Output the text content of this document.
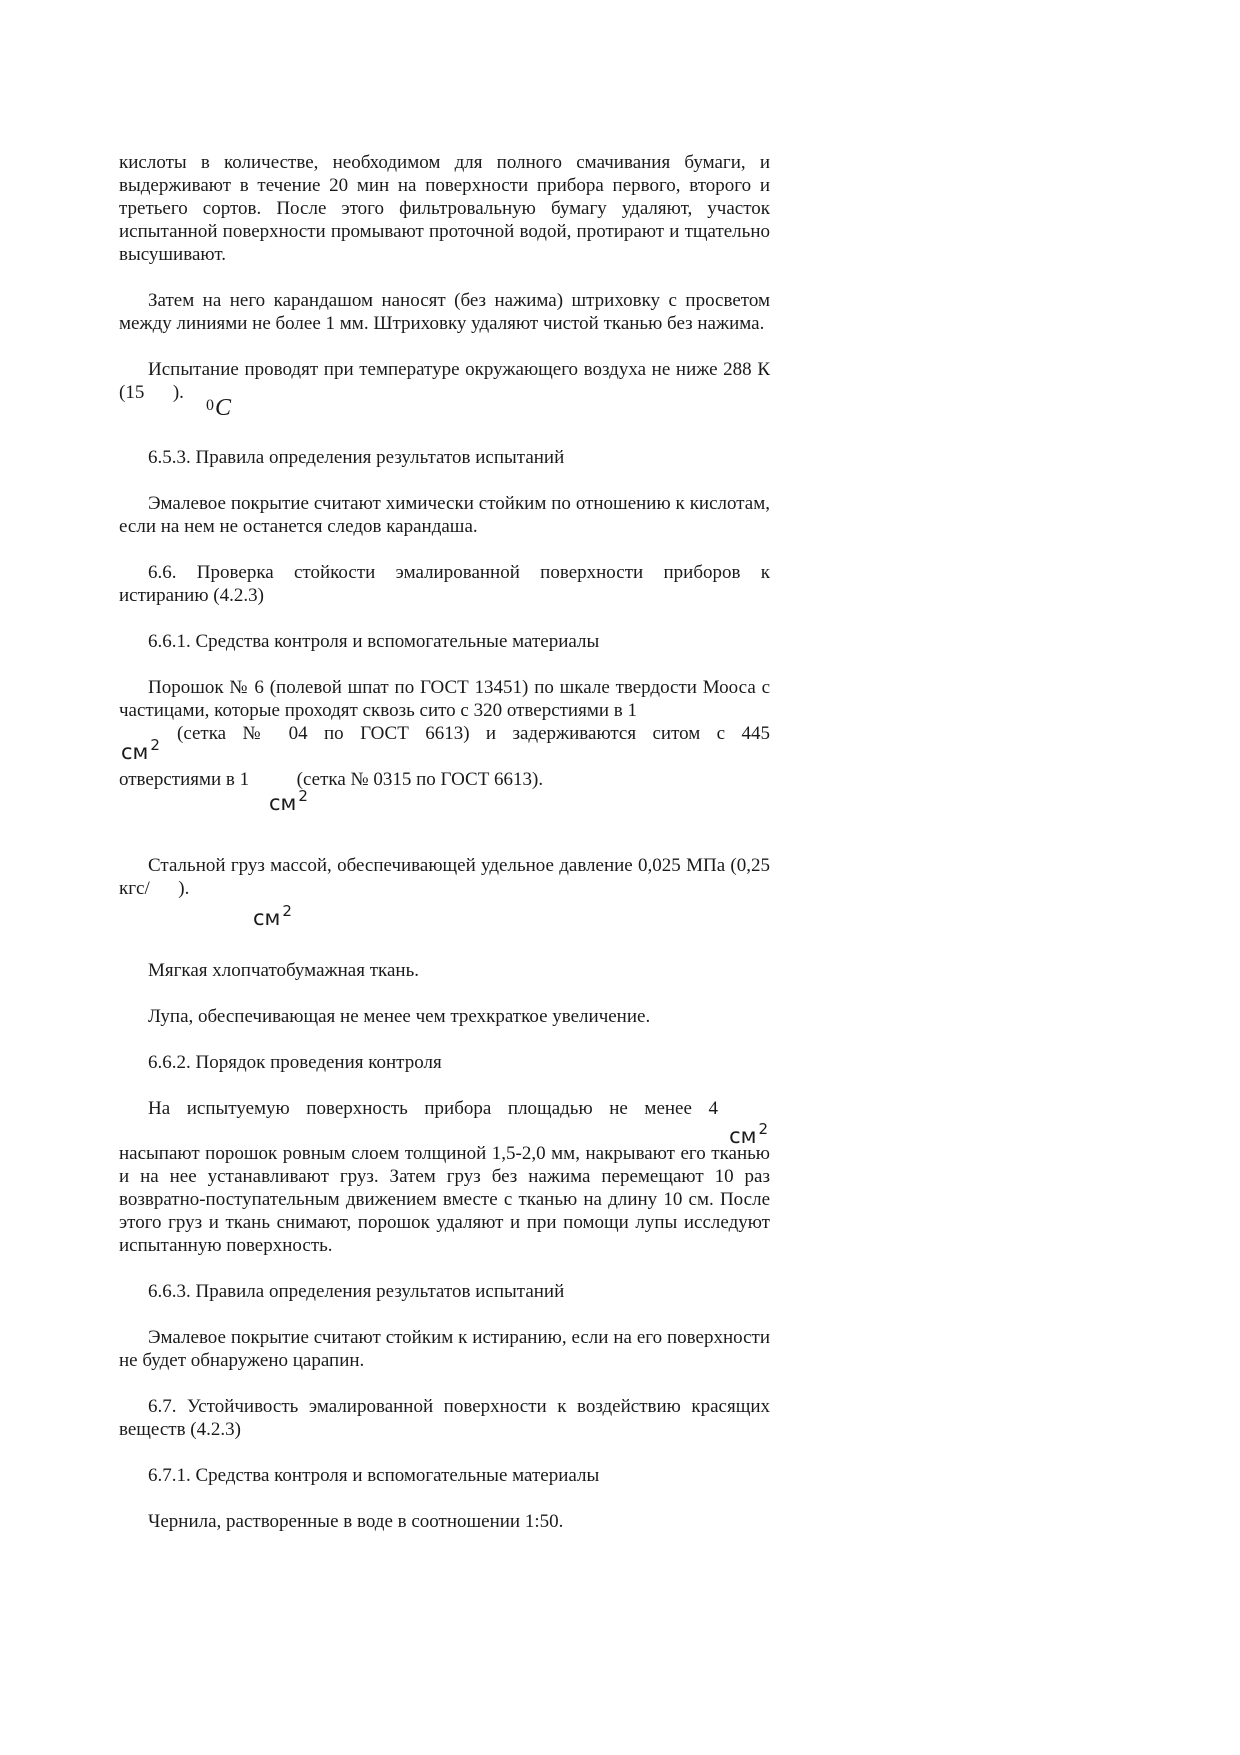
кислоты в количестве, необходимом для полного смачивания бумаги, и выдерживают в течение 20 мин на поверхности прибора первого, второго и третьего сортов. После этого фильтровальную бумагу удаляют, участок испытанной поверхности промывают проточной водой, протирают и тщательно высушивают.

Затем на него карандашом наносят (без нажима) штриховку с просветом между линиями не более 1 мм. Штриховку удаляют чистой тканью без нажима.

Испытание проводят при температуре окружающего воздуха не ниже 288 К (15      ).

0 C

6.5.3. Правила определения результатов испытаний

Эмалевое покрытие считают химически стойким по отношению к кислотам, если на нем не останется следов карандаша.

6.6. Проверка стойкости эмалированной поверхности приборов к истиранию (4.2.3)

6.6.1. Средства контроля и вспомогательные материалы

Порошок № 6 (полевой шпат по ГОСТ 13451) по шкале твердости Мооса с частицами, которые проходят сквозь сито с 320 отверстиями в 1

см $^2$

(сетка № 04 по ГОСТ 6613) и задерживаются ситом с 445

отверстиями в 1          (сетка № 0315 по ГОСТ 6613).

см $^2$

Стальной груз массой, обеспечивающей удельное давление 0,025 МПа (0,25 кгс/      ).

см $^2$

Мягкая хлопчатобумажная ткань.

Лупа, обеспечивающая не менее чем трехкраткое увеличение.

6.6.2. Порядок проведения контроля

На испытуемую поверхность прибора площадью не менее 4

см $^2$

насыпают порошок ровным слоем толщиной 1,5-2,0 мм, накрывают его тканью и на нее устанавливают груз. Затем груз без нажима перемещают 10 раз возвратно-поступательным движением вместе с тканью на длину 10 см. После этого груз и ткань снимают, порошок удаляют и при помощи лупы исследуют испытанную поверхность.

6.6.3. Правила определения результатов испытаний

Эмалевое покрытие считают стойким к истиранию, если на его поверхности не будет обнаружено царапин.

6.7. Устойчивость эмалированной поверхности к воздействию красящих веществ (4.2.3)

6.7.1. Средства контроля и вспомогательные материалы

Чернила, растворенные в воде в соотношении 1:50.
